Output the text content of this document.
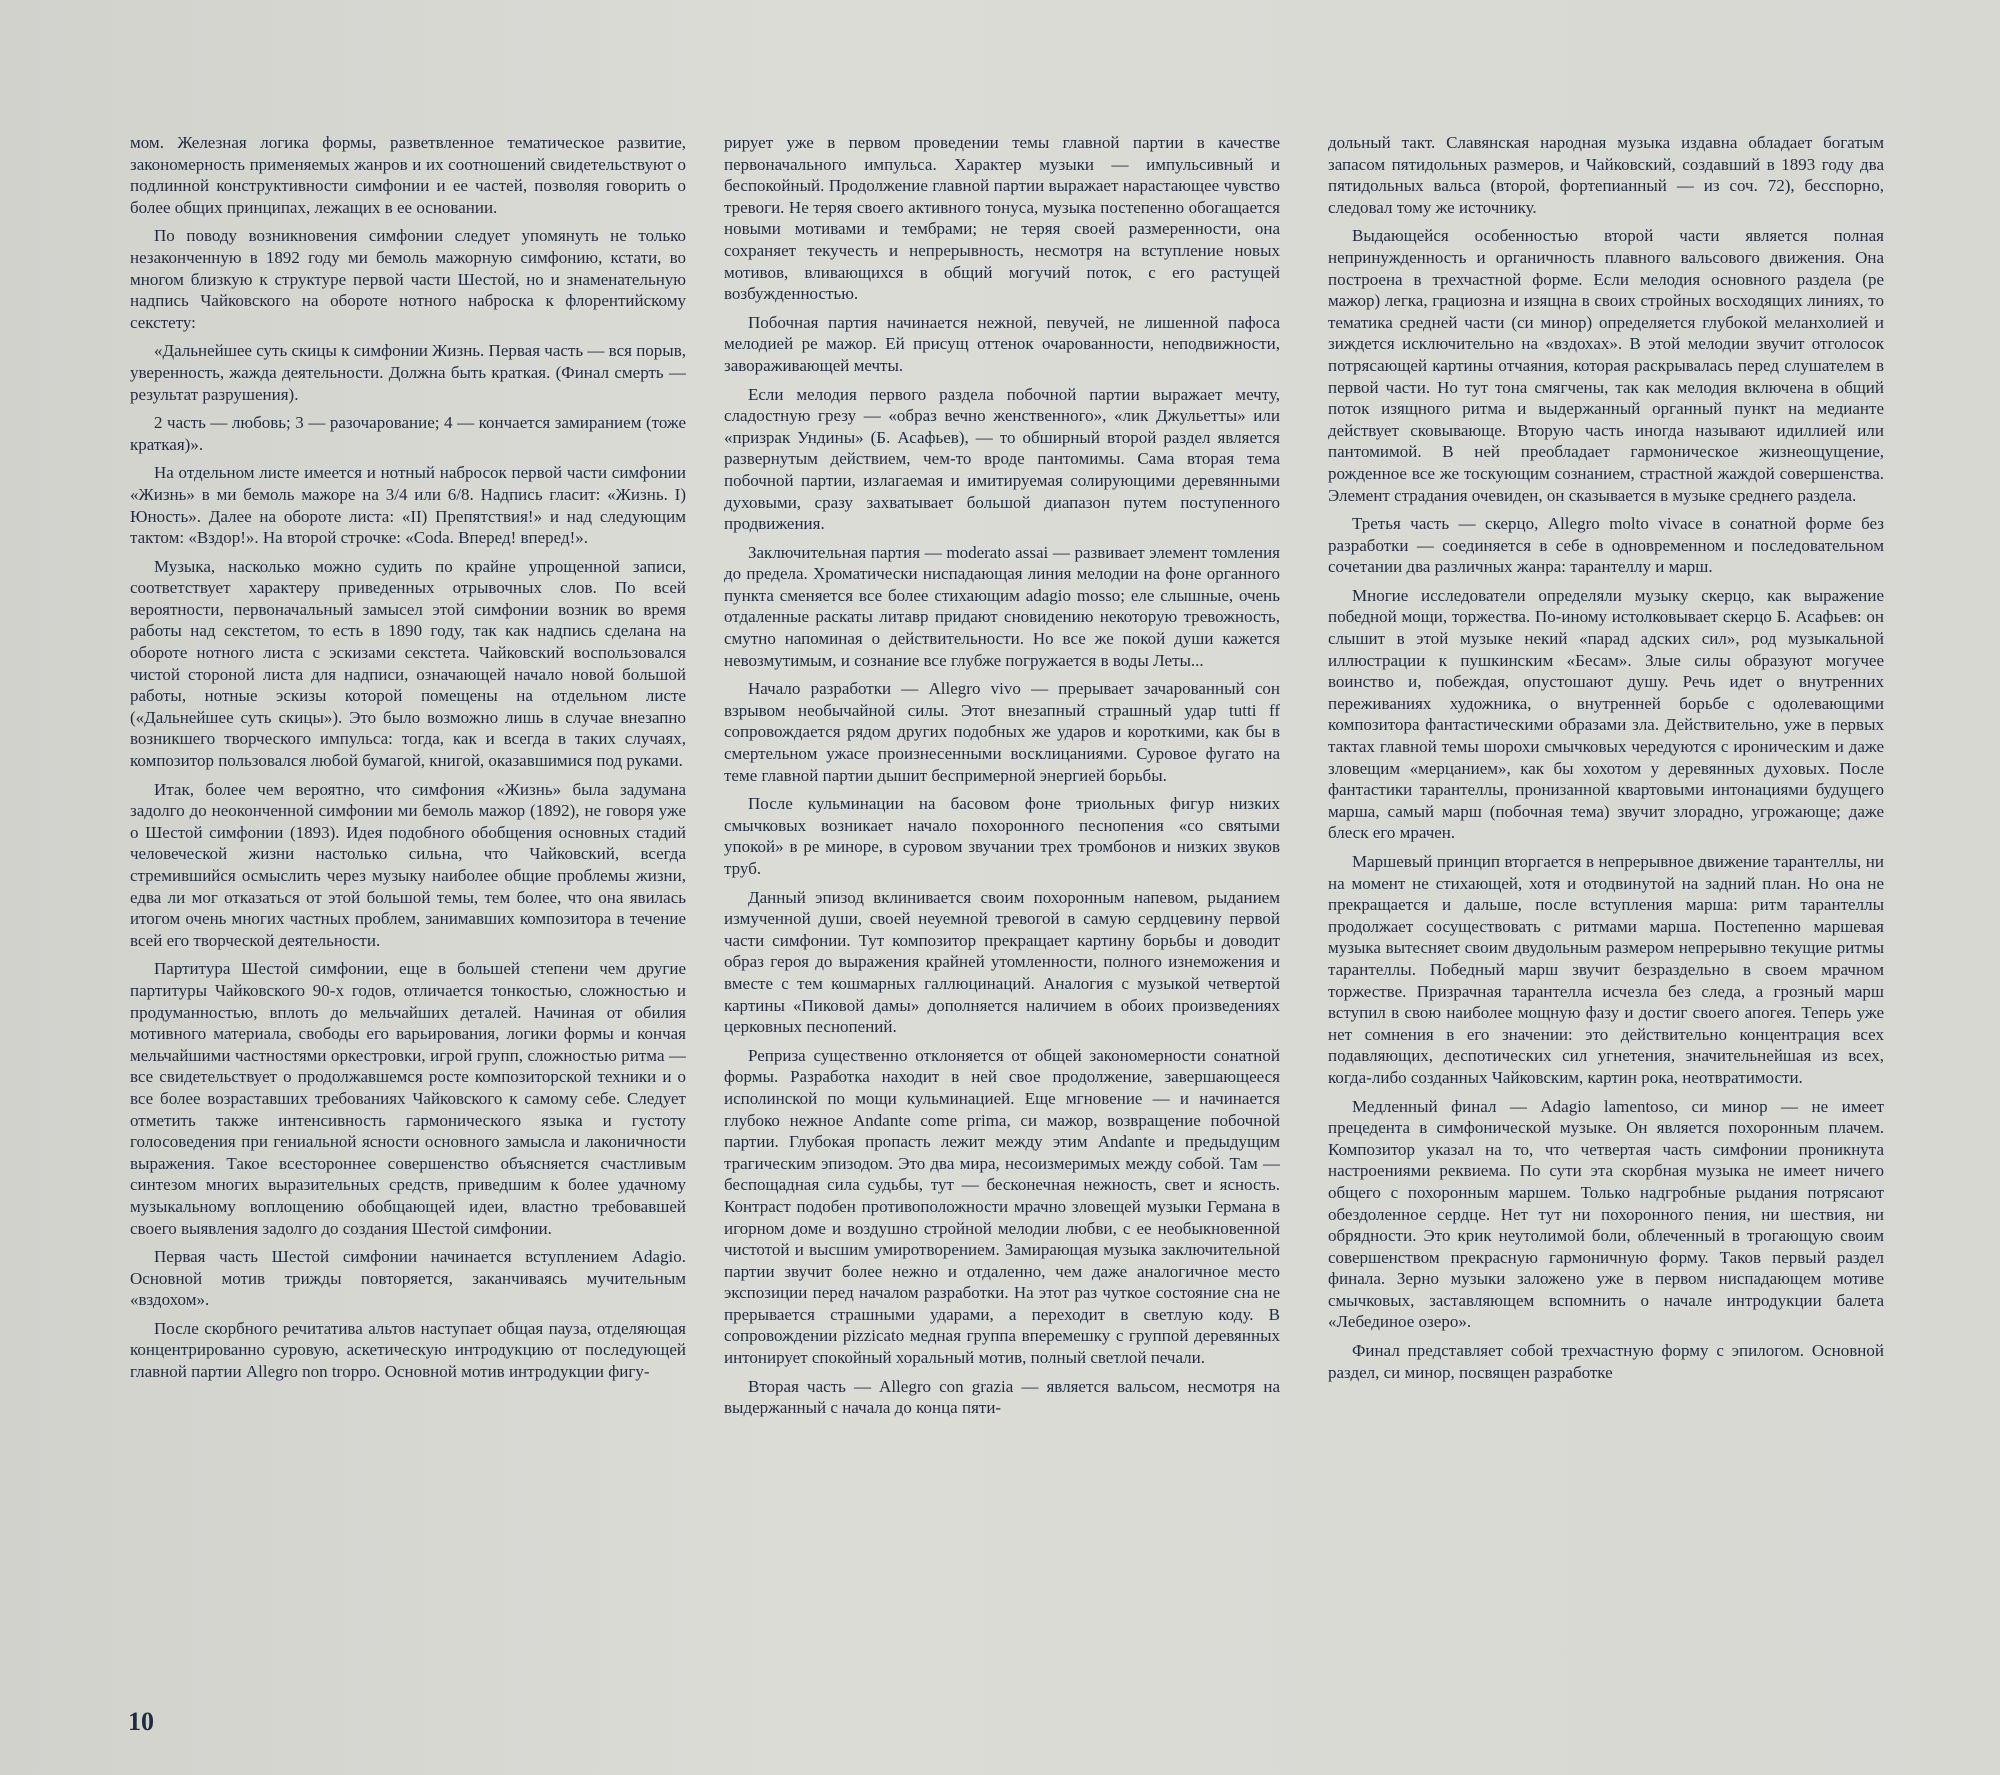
мом. Железная логика формы, разветвленное тематическое развитие, закономерность применяемых жанров и их соотношений свидетельствуют о подлинной конструктивности симфонии и ее частей, позволяя говорить о более общих принципах, лежащих в ее основании.

По поводу возникновения симфонии следует упомянуть не только незаконченную в 1892 году ми бемоль мажорную симфонию, кстати, во многом близкую к структуре первой части Шестой, но и знаменательную надпись Чайковского на обороте нотного наброска к флорентийскому секстету:

«Дальнейшее суть скицы к симфонии Жизнь. Первая часть — вся порыв, уверенность, жажда деятельности. Должна быть краткая. (Финал смерть — результат разрушения).

2 часть — любовь; 3 — разочарование; 4 — кончается замиранием (тоже краткая)».

На отдельном листе имеется и нотный набросок первой части симфонии «Жизнь» в ми бемоль мажоре на 3/4 или 6/8. Надпись гласит: «Жизнь. I) Юность». Далее на обороте листа: «II) Препятствия!» и над следующим тактом: «Вздор!». На второй строчке: «Coda. Вперед! вперед!».

Музыка, насколько можно судить по крайне упрощенной записи, соответствует характеру приведенных отрывочных слов. По всей вероятности, первоначальный замысел этой симфонии возник во время работы над секстетом, то есть в 1890 году, так как надпись сделана на обороте нотного листа с эскизами секстета. Чайковский воспользовался чистой стороной листа для надписи, означающей начало новой большой работы, нотные эскизы которой помещены на отдельном листе («Дальнейшее суть скицы»). Это было возможно лишь в случае внезапно возникшего творческого импульса: тогда, как и всегда в таких случаях, композитор пользовался любой бумагой, книгой, оказавшимися под руками.

Итак, более чем вероятно, что симфония «Жизнь» была задумана задолго до неоконченной симфонии ми бемоль мажор (1892), не говоря уже о Шестой симфонии (1893). Идея подобного обобщения основных стадий человеческой жизни настолько сильна, что Чайковский, всегда стремившийся осмыслить через музыку наиболее общие проблемы жизни, едва ли мог отказаться от этой большой темы, тем более, что она явилась итогом очень многих частных проблем, занимавших композитора в течение всей его творческой деятельности.

Партитура Шестой симфонии, еще в большей степени чем другие партитуры Чайковского 90-х годов, отличается тонкостью, сложностью и продуманностью, вплоть до мельчайших деталей. Начиная от обилия мотивного материала, свободы его варьирования, логики формы и кончая мельчайшими частностями оркестровки, игрой групп, сложностью ритма — все свидетельствует о продолжавшемся росте композиторской техники и о все более возраставших требованиях Чайковского к самому себе. Следует отметить также интенсивность гармонического языка и густоту голосоведения при гениальной ясности основного замысла и лаконичности выражения. Такое всестороннее совершенство объясняется счастливым синтезом многих выразительных средств, приведшим к более удачному музыкальному воплощению обобщающей идеи, властно требовавшей своего выявления задолго до создания Шестой симфонии.

Первая часть Шестой симфонии начинается вступлением Adagio. Основной мотив трижды повторяется, заканчиваясь мучительным «вздохом».

После скорбного речитатива альтов наступает общая пауза, отделяющая концентрированно суровую, аскетическую интродукцию от последующей главной партии Allegro non troppo. Основной мотив интродукции фигу-

рирует уже в первом проведении темы главной партии в качестве первоначального импульса. Характер музыки — импульсивный и беспокойный. Продолжение главной партии выражает нарастающее чувство тревоги. Не теряя своего активного тонуса, музыка постепенно обогащается новыми мотивами и тембрами; не теряя своей размеренности, она сохраняет текучесть и непрерывность, несмотря на вступление новых мотивов, вливающихся в общий могучий поток, с его растущей возбужденностью.

Побочная партия начинается нежной, певучей, не лишенной пафоса мелодией ре мажор. Ей присущ оттенок очарованности, неподвижности, завораживающей мечты.

Если мелодия первого раздела побочной партии выражает мечту, сладостную грезу — «образ вечно женственного», «лик Джульетты» или «призрак Ундины» (Б. Асафьев), — то обширный второй раздел является развернутым действием, чем-то вроде пантомимы. Сама вторая тема побочной партии, излагаемая и имитируемая солирующими деревянными духовыми, сразу захватывает большой диапазон путем поступенного продвижения.

Заключительная партия — moderato assai — развивает элемент томления до предела. Хроматически ниспадающая линия мелодии на фоне органного пункта сменяется все более стихающим adagio mosso; еле слышные, очень отдаленные раскаты литавр придают сновидению некоторую тревожность, смутно напоминая о действительности. Но все же покой души кажется невозмутимым, и сознание все глубже погружается в воды Леты...

Начало разработки — Allegro vivo — прерывает зачарованный сон взрывом необычайной силы. Этот внезапный страшный удар tutti ff сопровождается рядом других подобных же ударов и короткими, как бы в смертельном ужасе произнесенными восклицаниями. Суровое фугато на теме главной партии дышит беспримерной энергией борьбы.

После кульминации на басовом фоне триольных фигур низких смычковых возникает начало похоронного песнопения «со святыми упокой» в ре миноре, в суровом звучании трех тромбонов и низких звуков труб.

Данный эпизод вклинивается своим похоронным напевом, рыданием измученной души, своей неуемной тревогой в самую сердцевину первой части симфонии. Тут композитор прекращает картину борьбы и доводит образ героя до выражения крайней утомленности, полного изнеможения и вместе с тем кошмарных галлюцинаций. Аналогия с музыкой четвертой картины «Пиковой дамы» дополняется наличием в обоих произведениях церковных песнопений.

Реприза существенно отклоняется от общей закономерности сонатной формы. Разработка находит в ней свое продолжение, завершающееся исполинской по мощи кульминацией. Еще мгновение — и начинается глубоко нежное Andante come prima, си мажор, возвращение побочной партии. Глубокая пропасть лежит между этим Andante и предыдущим трагическим эпизодом. Это два мира, несоизмеримых между собой. Там — беспощадная сила судьбы, тут — бесконечная нежность, свет и ясность. Контраст подобен противоположности мрачно зловещей музыки Германа в игорном доме и воздушно стройной мелодии любви, с ее необыкновенной чистотой и высшим умиротворением. Замирающая музыка заключительной партии звучит более нежно и отдаленно, чем даже аналогичное место экспозиции перед началом разработки. На этот раз чуткое состояние сна не прерывается страшными ударами, а переходит в светлую коду. В сопровождении pizzicato медная группа вперемешку с группой деревянных интонирует спокойный хоральный мотив, полный светлой печали.

Вторая часть — Allegro con grazia — является вальсом, несмотря на выдержанный с начала до конца пяти-

дольный такт. Славянская народная музыка издавна обладает богатым запасом пятидольных размеров, и Чайковский, создавший в 1893 году два пятидольных вальса (второй, фортепианный — из соч. 72), бесспорно, следовал тому же источнику.

Выдающейся особенностью второй части является полная непринужденность и органичность плавного вальсового движения. Она построена в трехчастной форме. Если мелодия основного раздела (ре мажор) легка, грациозна и изящна в своих стройных восходящих линиях, то тематика средней части (си минор) определяется глубокой меланхолией и зиждется исключительно на «вздохах». В этой мелодии звучит отголосок потрясающей картины отчаяния, которая раскрывалась перед слушателем в первой части. Но тут тона смягчены, так как мелодия включена в общий поток изящного ритма и выдержанный органный пункт на медианте действует сковывающе. Вторую часть иногда называют идиллией или пантомимой. В ней преобладает гармоническое жизнеощущение, рожденное все же тоскующим сознанием, страстной жаждой совершенства. Элемент страдания очевиден, он сказывается в музыке среднего раздела.

Третья часть — скерцо, Allegro molto vivace в сонатной форме без разработки — соединяется в себе в одновременном и последовательном сочетании два различных жанра: тарантеллу и марш.

Многие исследователи определяли музыку скерцо, как выражение победной мощи, торжества. По-иному истолковывает скерцо Б. Асафьев: он слышит в этой музыке некий «парад адских сил», род музыкальной иллюстрации к пушкинским «Бесам». Злые силы образуют могучее воинство и, побеждая, опустошают душу. Речь идет о внутренних переживаниях художника, о внутренней борьбе с одолевающими композитора фантастическими образами зла. Действительно, уже в первых тактах главной темы шорохи смычковых чередуются с ироническим и даже зловещим «мерцанием», как бы хохотом у деревянных духовых. После фантастики тарантеллы, пронизанной квартовыми интонациями будущего марша, самый марш (побочная тема) звучит злорадно, угрожающе; даже блеск его мрачен.

Маршевый принцип вторгается в непрерывное движение тарантеллы, ни на момент не стихающей, хотя и отодвинутой на задний план. Но она не прекращается и дальше, после вступления марша: ритм тарантеллы продолжает сосуществовать с ритмами марша. Постепенно маршевая музыка вытесняет своим двудольным размером непрерывно текущие ритмы тарантеллы. Победный марш звучит безраздельно в своем мрачном торжестве. Призрачная тарантелла исчезла без следа, а грозный марш вступил в свою наиболее мощную фазу и достиг своего апогея. Теперь уже нет сомнения в его значении: это действительно концентрация всех подавляющих, деспотических сил угнетения, значительнейшая из всех, когда-либо созданных Чайковским, картин рока, неотвратимости.

Медленный финал — Adagio lamentoso, си минор — не имеет прецедента в симфонической музыке. Он является похоронным плачем. Композитор указал на то, что четвертая часть симфонии проникнута настроениями реквиема. По сути эта скорбная музыка не имеет ничего общего с похоронным маршем. Только надгробные рыдания потрясают обездоленное сердце. Нет тут ни похоронного пения, ни шествия, ни обрядности. Это крик неутолимой боли, облеченный в трогающую своим совершенством прекрасную гармоничную форму. Таков первый раздел финала. Зерно музыки заложено уже в первом ниспадающем мотиве смычковых, заставляющем вспомнить о начале интродукции балета «Лебединое озеро».

Финал представляет собой трехчастную форму с эпилогом. Основной раздел, си минор, посвящен разработке

10
